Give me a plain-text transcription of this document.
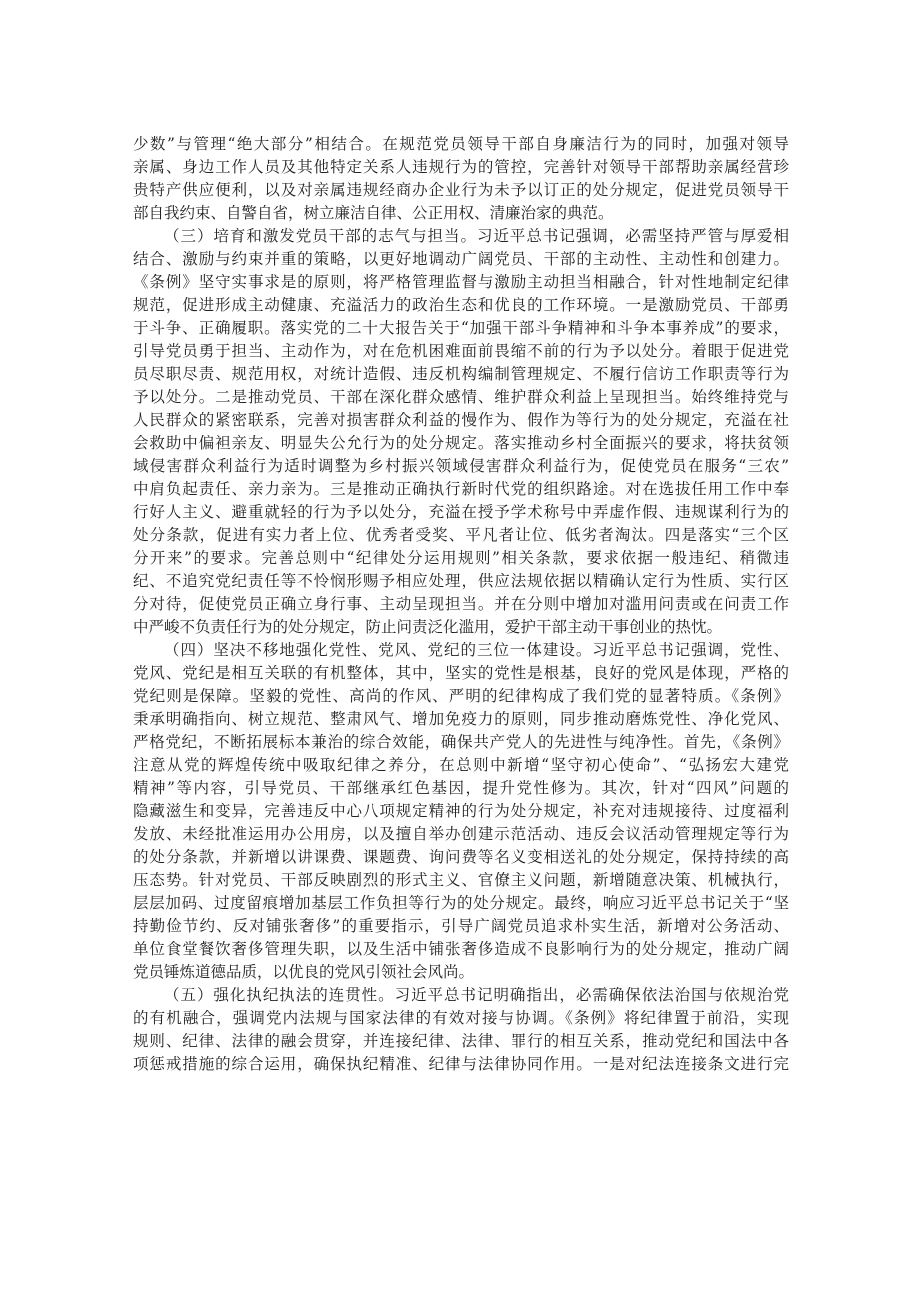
少数”与管理“绝大部分”相结合。在规范党员领导干部自身廉洁行为的同时，加强对领导
亲属、身边工作人员及其他特定关系人违规行为的管控，完善针对领导干部帮助亲属经营珍
贵特产供应便利，以及对亲属违规经商办企业行为未予以订正的处分规定，促进党员领导干
部自我约束、自警自省，树立廉洁自律、公正用权、清廉治家的典范。

（三）培育和激发党员干部的志气与担当。习近平总书记强调，必需坚持严管与厚爱相
结合、激励与约束并重的策略，以更好地调动广阔党员、干部的主动性、主动性和创建力。
《条例》坚守实事求是的原则，将严格管理监督与激励主动担当相融合，针对性地制定纪律
规范，促进形成主动健康、充溢活力的政治生态和优良的工作环境。一是激励党员、干部勇
于斗争、正确履职。落实党的二十大报告关于“加强干部斗争精神和斗争本事养成”的要求，
引导党员勇于担当、主动作为，对在危机困难面前畏缩不前的行为予以处分。着眼于促进党
员尽职尽责、规范用权，对统计造假、违反机构编制管理规定、不履行信访工作职责等行为
予以处分。二是推动党员、干部在深化群众感情、维护群众利益上呈现担当。始终维持党与
人民群众的紧密联系，完善对损害群众利益的慢作为、假作为等行为的处分规定，充溢在社
会救助中偏袒亲友、明显失公允行为的处分规定。落实推动乡村全面振兴的要求，将扶贫领
域侵害群众利益行为适时调整为乡村振兴领域侵害群众利益行为，促使党员在服务“三农”
中肩负起责任、亲力亲为。三是推动正确执行新时代党的组织路途。对在选拔任用工作中奉
行好人主义、避重就轻的行为予以处分，充溢在授予学术称号中弄虚作假、违规谋利行为的
处分条款，促进有实力者上位、优秀者受奖、平凡者让位、低劣者淘汰。四是落实“三个区
分开来”的要求。完善总则中“纪律处分运用规则”相关条款，要求依据一般违纪、稍微违
纪、不追究党纪责任等不怜悯形赐予相应处理，供应法规依据以精确认定行为性质、实行区
分对待，促使党员正确立身行事、主动呈现担当。并在分则中增加对滥用问责或在问责工作
中严峻不负责任行为的处分规定，防止问责泛化滥用，爱护干部主动干事创业的热忱。

（四）坚决不移地强化党性、党风、党纪的三位一体建设。习近平总书记强调，党性、
党风、党纪是相互关联的有机整体，其中，坚实的党性是根基，良好的党风是体现，严格的
党纪则是保障。坚毅的党性、高尚的作风、严明的纪律构成了我们党的显著特质。《条例》
秉承明确指向、树立规范、整肃风气、增加免疫力的原则，同步推动磨炼党性、净化党风、
严格党纪，不断拓展标本兼治的综合效能，确保共产党人的先进性与纯净性。首先，《条例》
注意从党的辉煌传统中吸取纪律之养分，在总则中新增“坚守初心使命”、“弘扬宏大建党
精神”等内容，引导党员、干部继承红色基因，提升党性修为。其次，针对“四风”问题的
隐藏滋生和变异，完善违反中心八项规定精神的行为处分规定，补充对违规接待、过度福利
发放、未经批准运用办公用房，以及擅自举办创建示范活动、违反会议活动管理规定等行为
的处分条款，并新增以讲课费、课题费、询问费等名义变相送礼的处分规定，保持持续的高
压态势。针对党员、干部反映剧烈的形式主义、官僚主义问题，新增随意决策、机械执行，
层层加码、过度留痕增加基层工作负担等行为的处分规定。最终，响应习近平总书记关于“坚
持勤俭节约、反对铺张奢侈”的重要指示，引导广阔党员追求朴实生活，新增对公务活动、
单位食堂餐饮奢侈管理失职，以及生活中铺张奢侈造成不良影响行为的处分规定，推动广阔
党员锤炼道德品质，以优良的党风引领社会风尚。

（五）强化执纪执法的连贯性。习近平总书记明确指出，必需确保依法治国与依规治党
的有机融合，强调党内法规与国家法律的有效对接与协调。《条例》将纪律置于前沿，实现
规则、纪律、法律的融会贯穿，并连接纪律、法律、罪行的相互关系，推动党纪和国法中各
项惩戒措施的综合运用，确保执纪精准、纪律与法律协同作用。一是对纪法连接条文进行完
